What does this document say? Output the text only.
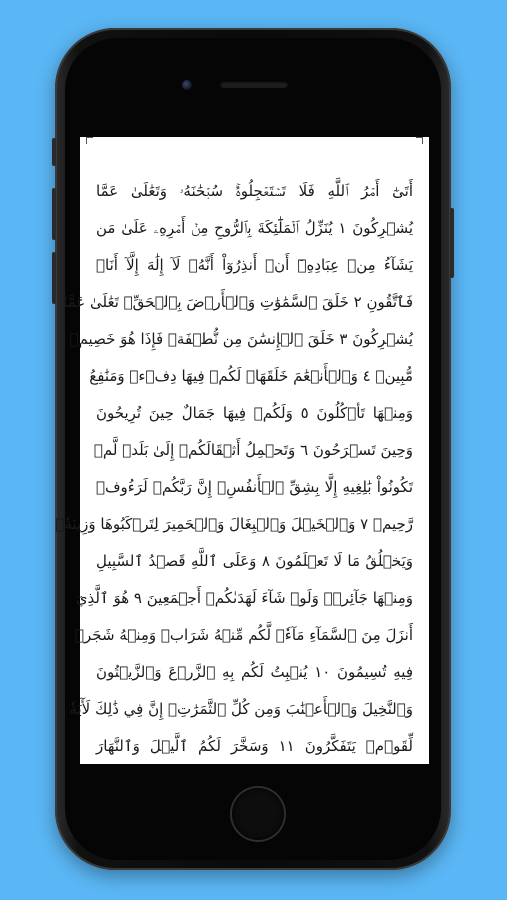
أَتَىٰٓ أَمۡرُ ٱللَّهِ فَلَا تَسۡتَعۡجِلُوهُۚ سُبۡحَٰنَهُۥ وَتَعَٰلَىٰ عَمَّا
يُشۡرِكُونَ ١ يُنَزِّلُ ٱلۡمَلَٰٓئِكَةَ بِٱلرُّوحِ مِنۡ أَمۡرِهِۦ عَلَىٰ مَن
يَشَآءُ مِنۡ عِبَادِهِۦٓ أَنۡ أَنذِرُوٓاْ أَنَّهُۥ لَآ إِلَٰهَ إِلَّآ أَنَا۠
فَٱتَّقُونِ ٢ خَلَقَ ٱلسَّمَٰوَٰتِ وَٱلۡأَرۡضَ بِٱلۡحَقِّۚ تَعَٰلَىٰ عَمَّا
يُشۡرِكُونَ ٣ خَلَقَ ٱلۡإِنسَٰنَ مِن نُّطۡفَةٖ فَإِذَا هُوَ خَصِيمٞ
مُّبِينٞ ٤ وَٱلۡأَنۡعَٰمَ خَلَقَهَاۖ لَكُمۡ فِيهَا دِفۡءٞ وَمَنَٰفِعُ
وَمِنۡهَا تَأۡكُلُونَ ٥ وَلَكُمۡ فِيهَا جَمَالٌ حِينَ تُرِيحُونَ
وَحِينَ تَسۡرَحُونَ ٦ وَتَحۡمِلُ أَثۡقَالَكُمۡ إِلَىٰ بَلَدٖ لَّمۡ
تَكُونُواْ بَٰلِغِيهِ إِلَّا بِشِقِّ ٱلۡأَنفُسِۚ إِنَّ رَبَّكُمۡ لَرَءُوفٞ
رَّحِيمٞ ٧ وَٱلۡخَيۡلَ وَٱلۡبِغَالَ وَٱلۡحَمِيرَ لِتَرۡكَبُوهَا وَزِينَةٗۚ
وَيَخۡلُقُ مَا لَا تَعۡلَمُونَ ٨ وَعَلَى ٱللَّهِ قَصۡدُ ٱلسَّبِيلِ
وَمِنۡهَا جَآئِرٞۚ وَلَوۡ شَآءَ لَهَدَىٰكُمۡ أَجۡمَعِينَ ٩ هُوَ ٱلَّذِيٓ
أَنزَلَ مِنَ ٱلسَّمَآءِ مَآءٗۖ لَّكُم مِّنۡهُ شَرَابٞ وَمِنۡهُ شَجَرٞ
فِيهِ تُسِيمُونَ ١٠ يُنۢبِتُ لَكُم بِهِ ٱلزَّرۡعَ وَٱلزَّيۡتُونَ
وَٱلنَّخِيلَ وَٱلۡأَعۡنَٰبَ وَمِن كُلِّ ٱلثَّمَرَٰتِۚ إِنَّ فِي ذَٰلِكَ لَأٓيَةٗ
لِّقَوۡمٖ يَتَفَكَّرُونَ ١١ وَسَخَّرَ لَكُمُ ٱلَّيۡلَ وَٱلنَّهَارَ
